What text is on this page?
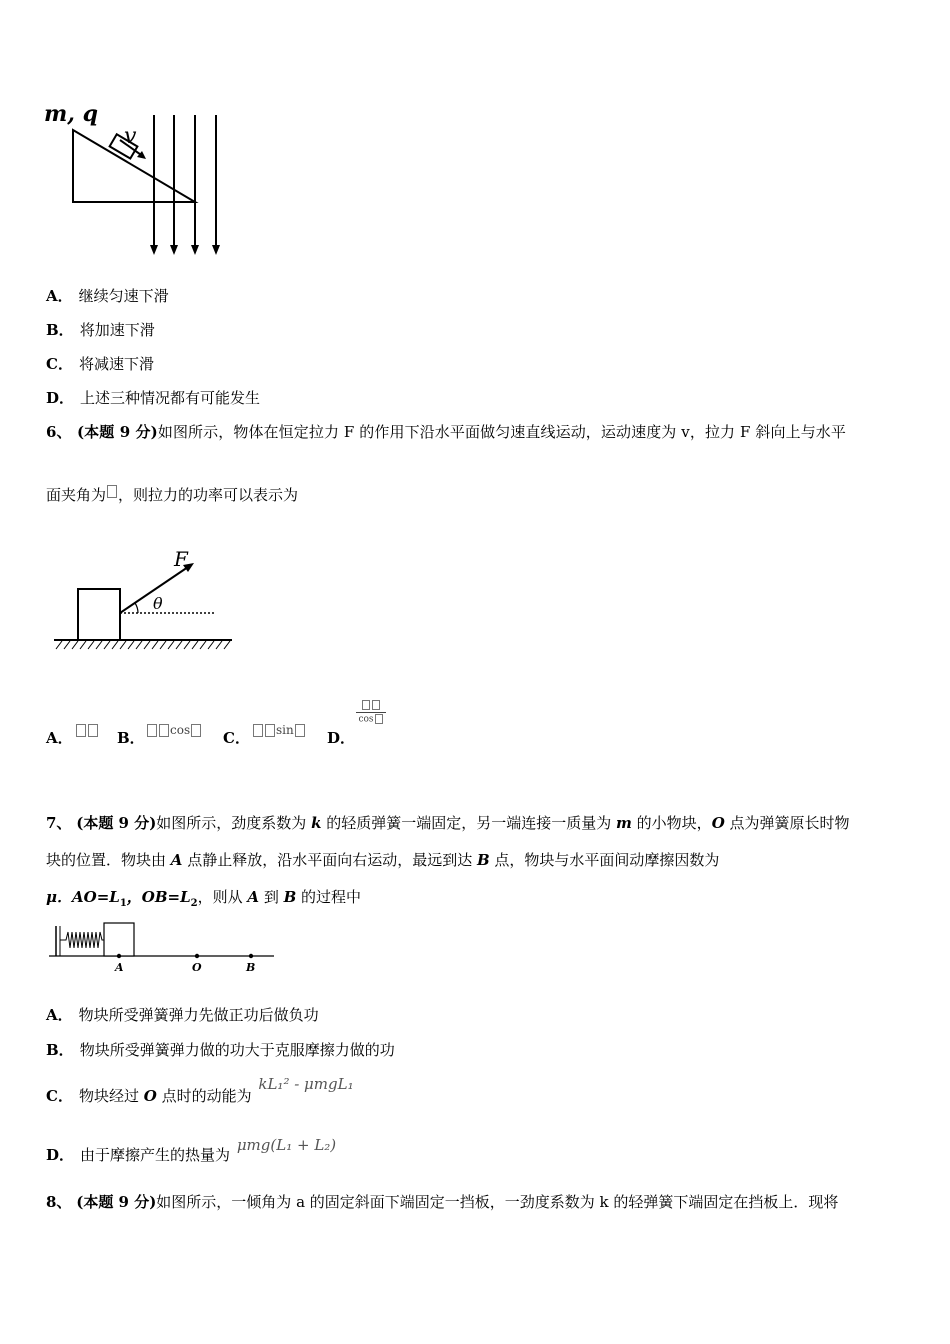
m, q
v
A． 继续匀速下滑
B． 将加速下滑
C． 将减速下滑
D． 上述三种情况都有可能发生
6、 (本题 9 分)如图所示，物体在恒定拉力 F 的作用下沿水平面做匀速直线运动，运动速度为 v，拉力 F 斜向上与水平
面夹角为 ，则拉力的功率可以表示为
θ
F
A．	B．	cos	C．	sin	D．
cos
7、 (本题 9 分)如图所示，劲度系数为 k 的轻质弹簧一端固定，另一端连接一质量为 m 的小物块，O 点为弹簧原长时物
块的位置．物块由 A 点静止释放，沿水平面向右运动，最远到达 B 点，物块与水平面间动摩擦因数为
μ．$AO=L_1$，$OB=L_2$，则从 A 到 B 的过程中
A	O	B
A． 物块所受弹簧弹力先做正功后做负功
B． 物块所受弹簧弹力做的功大于克服摩擦力做的功
C． 物块经过 O 点时的动能为 kL₁² - μmgL₁
D． 由于摩擦产生的热量为 μmg(L₁ + L₂)
8、 (本题 9 分)如图所示，一倾角为 a 的固定斜面下端固定一挡板，一劲度系数为 k 的轻弹簧下端固定在挡板上．现将
